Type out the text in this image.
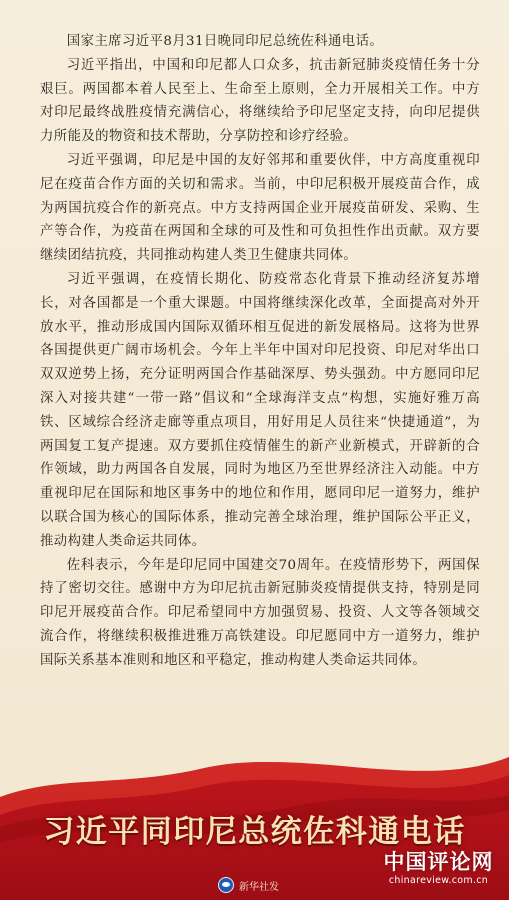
国家主席习近平8月31日晚同印尼总统佐科通电话。

习近平指出，中国和印尼都人口众多，抗击新冠肺炎疫情任务十分艰巨。两国都本着人民至上、生命至上原则，全力开展相关工作。中方对印尼最终战胜疫情充满信心，将继续给予印尼坚定支持，向印尼提供力所能及的物资和技术帮助，分享防控和诊疗经验。

习近平强调，印尼是中国的友好邻邦和重要伙伴，中方高度重视印尼在疫苗合作方面的关切和需求。当前，中印尼积极开展疫苗合作，成为两国抗疫合作的新亮点。中方支持两国企业开展疫苗研发、采购、生产等合作，为疫苗在两国和全球的可及性和可负担性作出贡献。双方要继续团结抗疫，共同推动构建人类卫生健康共同体。

习近平强调，在疫情长期化、防疫常态化背景下推动经济复苏增长，对各国都是一个重大课题。中国将继续深化改革，全面提高对外开放水平，推动形成国内国际双循环相互促进的新发展格局。这将为世界各国提供更广阔市场机会。今年上半年中国对印尼投资、印尼对华出口双双逆势上扬，充分证明两国合作基础深厚、势头强劲。中方愿同印尼深入对接共建“一带一路”倡议和“全球海洋支点”构想，实施好雅万高铁、区域综合经济走廊等重点项目，用好用足人员往来“快捷通道”，为两国复工复产提速。双方要抓住疫情催生的新产业新模式，开辟新的合作领域，助力两国各自发展，同时为地区乃至世界经济注入动能。中方重视印尼在国际和地区事务中的地位和作用，愿同印尼一道努力，维护以联合国为核心的国际体系，推动完善全球治理，维护国际公平正义，推动构建人类命运共同体。

佐科表示，今年是印尼同中国建交70周年。在疫情形势下，两国保持了密切交往。感谢中方为印尼抗击新冠肺炎疫情提供支持，特别是同印尼开展疫苗合作。印尼希望同中方加强贸易、投资、人文等各领域交流合作，将继续积极推进雅万高铁建设。印尼愿同中方一道努力，维护国际关系基本准则和地区和平稳定，推动构建人类命运共同体。

习近平同印尼总统佐科通电话
新华社发
中国评论网
chinareview.com.cn
